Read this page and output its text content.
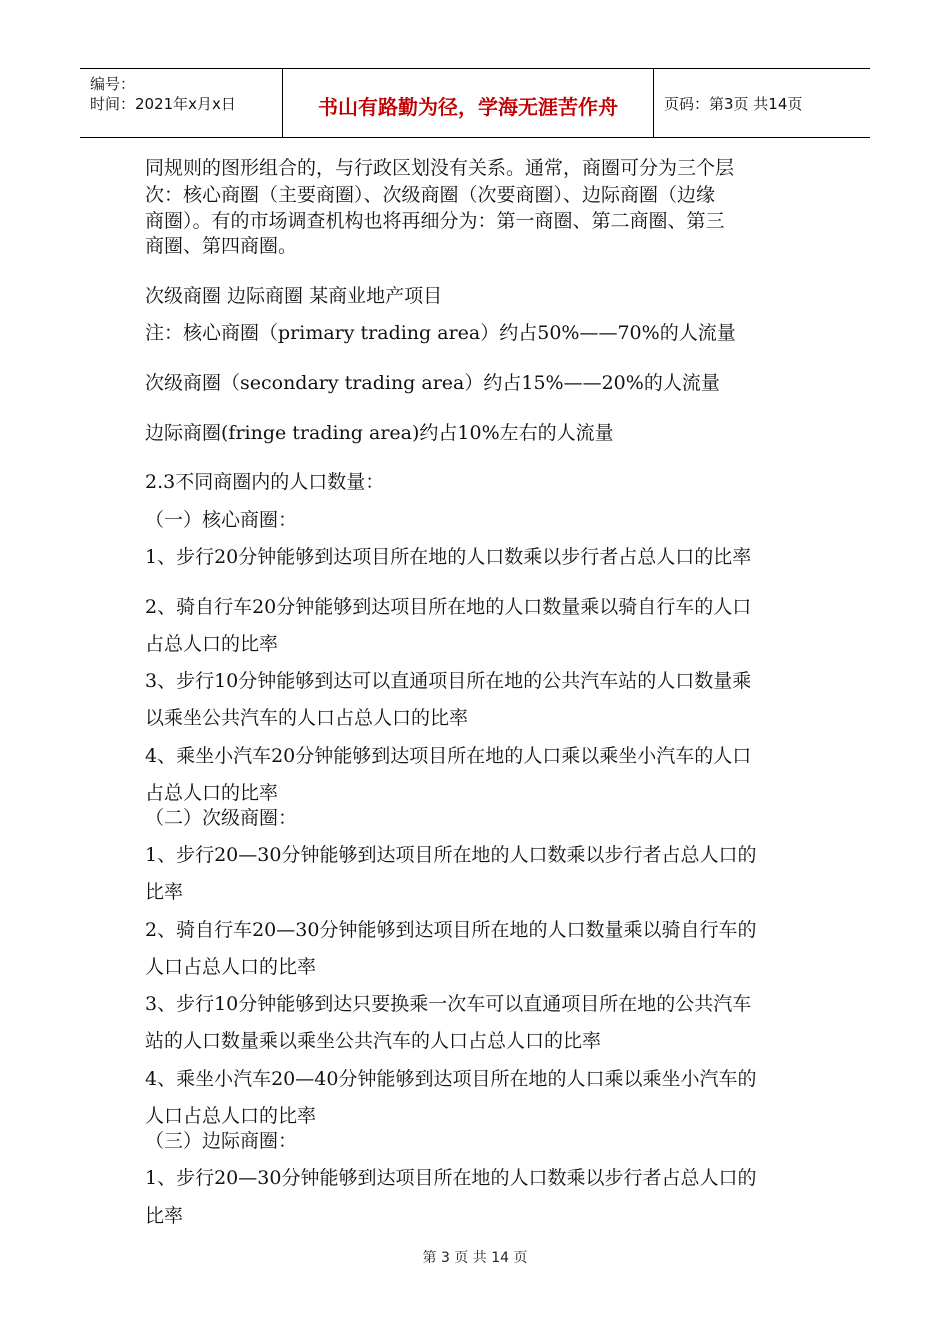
编号：
时间：2021年x月x日	书山有路勤为径，学海无涯苦作舟	页码：第3页 共14页
同规则的图形组合的，与行政区划没有关系。通常，商圈可分为三个层
次：核心商圈（主要商圈）、次级商圈（次要商圈）、边际商圈（边缘
商圈）。有的市场调查机构也将再细分为：第一商圈、第二商圈、第三
商圈、第四商圈。
次级商圈 边际商圈 某商业地产项目
注：核心商圈（primary trading area）约占50%——70%的人流量
次级商圈（secondary trading area）约占15%——20%的人流量
边际商圈(fringe trading area)约占10%左右的人流量
2.3不同商圈内的人口数量：
（一）核心商圈：
1、步行20分钟能够到达项目所在地的人口数乘以步行者占总人口的比率
2、骑自行车20分钟能够到达项目所在地的人口数量乘以骑自行车的人口
占总人口的比率
3、步行10分钟能够到达可以直通项目所在地的公共汽车站的人口数量乘
以乘坐公共汽车的人口占总人口的比率
4、乘坐小汽车20分钟能够到达项目所在地的人口乘以乘坐小汽车的人口
占总人口的比率
（二）次级商圈：
1、步行20—30分钟能够到达项目所在地的人口数乘以步行者占总人口的
比率
2、骑自行车20—30分钟能够到达项目所在地的人口数量乘以骑自行车的
人口占总人口的比率
3、步行10分钟能够到达只要换乘一次车可以直通项目所在地的公共汽车
站的人口数量乘以乘坐公共汽车的人口占总人口的比率
4、乘坐小汽车20—40分钟能够到达项目所在地的人口乘以乘坐小汽车的
人口占总人口的比率
（三）边际商圈：
1、步行20—30分钟能够到达项目所在地的人口数乘以步行者占总人口的
比率
第 3 页 共 14 页
